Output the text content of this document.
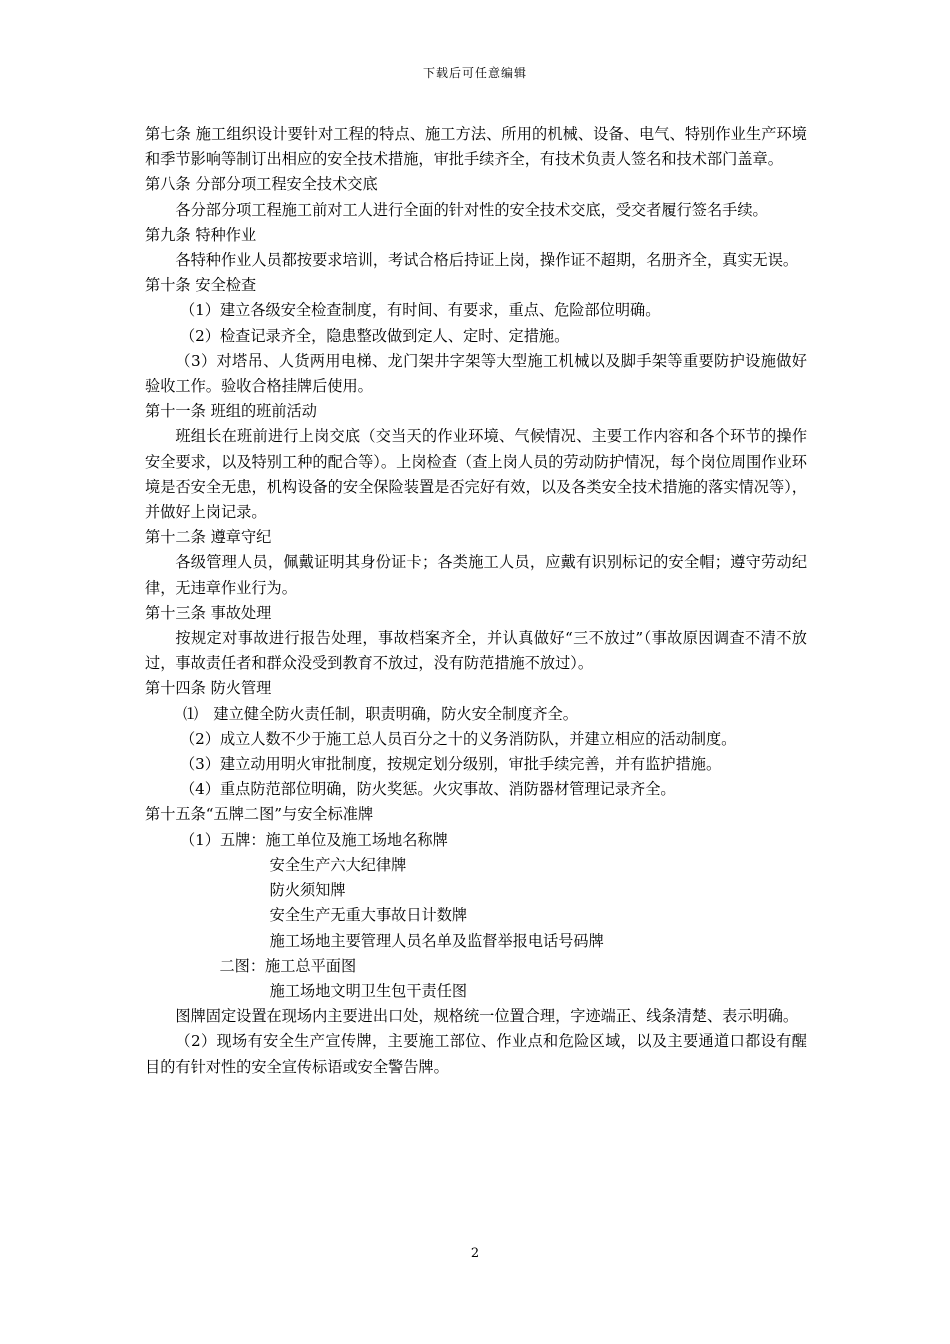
下载后可任意编辑

第七条 施工组织设计要针对工程的特点、施工方法、所用的机械、设备、电气、特别作业生产环境和季节影响等制订出相应的安全技术措施，审批手续齐全，有技术负责人签名和技术部门盖章。

第八条 分部分项工程安全技术交底

各分部分项工程施工前对工人进行全面的针对性的安全技术交底，受交者履行签名手续。

第九条 特种作业

各特种作业人员都按要求培训，考试合格后持证上岗，操作证不超期，名册齐全，真实无误。

第十条 安全检查

（1）建立各级安全检查制度，有时间、有要求，重点、危险部位明确。

（2）检查记录齐全，隐患整改做到定人、定时、定措施。

（3）对塔吊、人货两用电梯、龙门架井字架等大型施工机械以及脚手架等重要防护设施做好验收工作。验收合格挂牌后使用。

第十一条 班组的班前活动

班组长在班前进行上岗交底（交当天的作业环境、气候情况、主要工作内容和各个环节的操作安全要求，以及特别工种的配合等）。上岗检查（查上岗人员的劳动防护情况，每个岗位周围作业环境是否安全无患，机构设备的安全保险装置是否完好有效，以及各类安全技术措施的落实情况等），并做好上岗记录。

第十二条 遵章守纪

各级管理人员，佩戴证明其身份证卡；各类施工人员，应戴有识别标记的安全帽；遵守劳动纪律，无违章作业行为。

第十三条 事故处理

按规定对事故进行报告处理，事故档案齐全，并认真做好“三不放过”（事故原因调查不清不放过，事故责任者和群众没受到教育不放过，没有防范措施不放过）。

第十四条 防火管理

⑴　建立健全防火责任制，职责明确，防火安全制度齐全。

（2）成立人数不少于施工总人员百分之十的义务消防队，并建立相应的活动制度。

（3）建立动用明火审批制度，按规定划分级别，审批手续完善，并有监护措施。

（4）重点防范部位明确，防火奖惩。火灾事故、消防器材管理记录齐全。

第十五条“五牌二图”与安全标准牌

（1）五牌：施工单位及施工场地名称牌

安全生产六大纪律牌

防火须知牌

安全生产无重大事故日计数牌

施工场地主要管理人员名单及监督举报电话号码牌

二图：施工总平面图

施工场地文明卫生包干责任图

图牌固定设置在现场内主要进出口处，规格统一位置合理，字迹端正、线条清楚、表示明确。

（2）现场有安全生产宣传牌，主要施工部位、作业点和危险区域，以及主要通道口都设有醒目的有针对性的安全宣传标语或安全警告牌。

2
